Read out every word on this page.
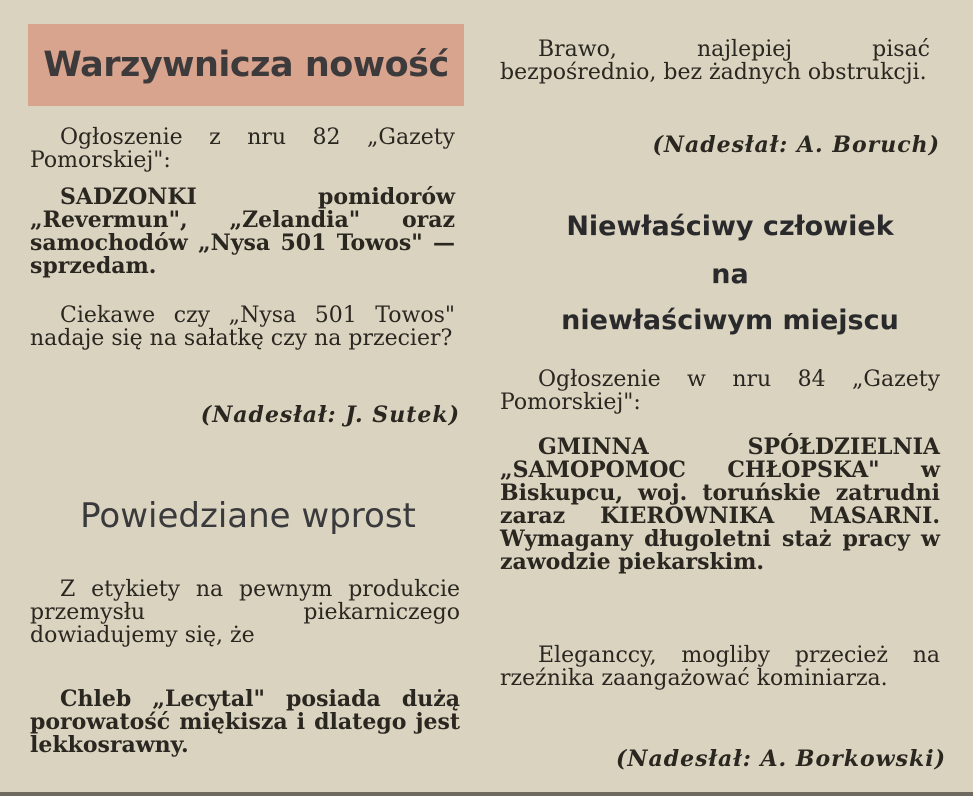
Warzywnicza nowość

Ogłoszenie z nru 82 „Gazety Pomorskiej":

SADZONKI pomidorów „Revermun", „Zelandia" oraz samochodów „Nysa 501 Towos" — sprzedam.

Ciekawe czy „Nysa 501 Towos" nadaje się na sałatkę czy na przecier?

(Nadesłał: J. Sutek)
Powiedziane wprost

Z etykiety na pewnym produkcie przemysłu piekarniczego dowiadujemy się, że

Chleb „Lecytal" posiada dużą porowatość miękisza i dlatego jest lekkosrawny.

Brawo, najlepiej pisać bezpośrednio, bez żadnych obstrukcji.

(Nadesłał: A. Boruch)
Niewłaściwy człowiek
na
niewłaściwym miejscu

Ogłoszenie w nru 84 „Gazety Pomorskiej":

GMINNA SPÓŁDZIELNIA „SAMOPOMOC CHŁOPSKA" w Biskupcu, woj. toruńskie zatrudni zaraz KIEROWNIKA MASARNI. Wymagany długoletni staż pracy w zawodzie piekarskim.

Eleganccy, mogliby przecież na rzeźnika zaangażować kominiarza.

(Nadesłał: A. Borkowski)
